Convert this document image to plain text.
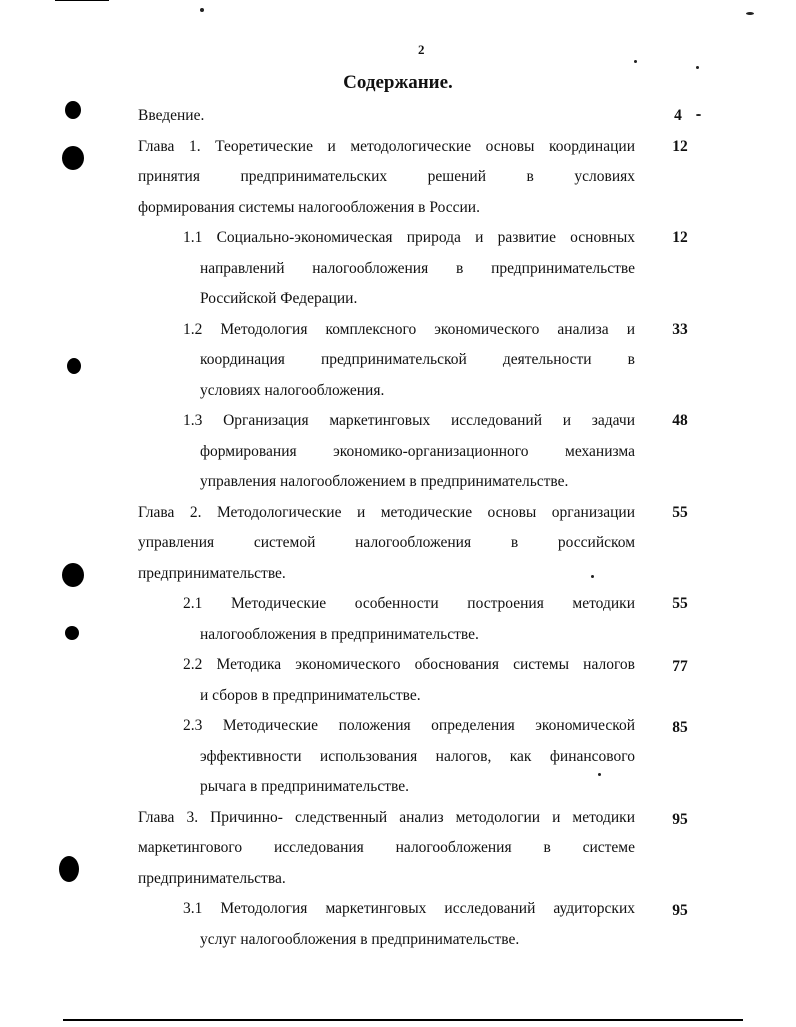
2
Содержание.
Введение.	4
Глава 1. Теоретические и методологические основы координации
принятия предпринимательских решений в условиях
формирования системы налогообложения в России.
12
1.1 Социально-экономическая природа и развитие основных
направлений налогообложения в предпринимательстве
Российской Федерации.
12
1.2 Методология комплексного экономического анализа и
координация предпринимательской деятельности в
условиях налогообложения.
33
1.3 Организация маркетинговых исследований и задачи
формирования экономико-организационного механизма
управления налогообложением в предпринимательстве.
48
Глава 2. Методологические и методические основы организации
управления системой налогообложения в российском
предпринимательстве.
55
2.1 Методические особенности построения методики
налогообложения в предпринимательстве.
55
2.2 Методика экономического обоснования системы налогов
и сборов в предпринимательстве.
77
2.3 Методические положения определения экономической
эффективности использования налогов, как финансового
рычага в предпринимательстве.
85
Глава 3. Причинно- следственный анализ методологии и методики
маркетингового исследования налогообложения в системе
предпринимательства.
95
3.1 Методология маркетинговых исследований аудиторских
услуг налогообложения в предпринимательстве.
95
